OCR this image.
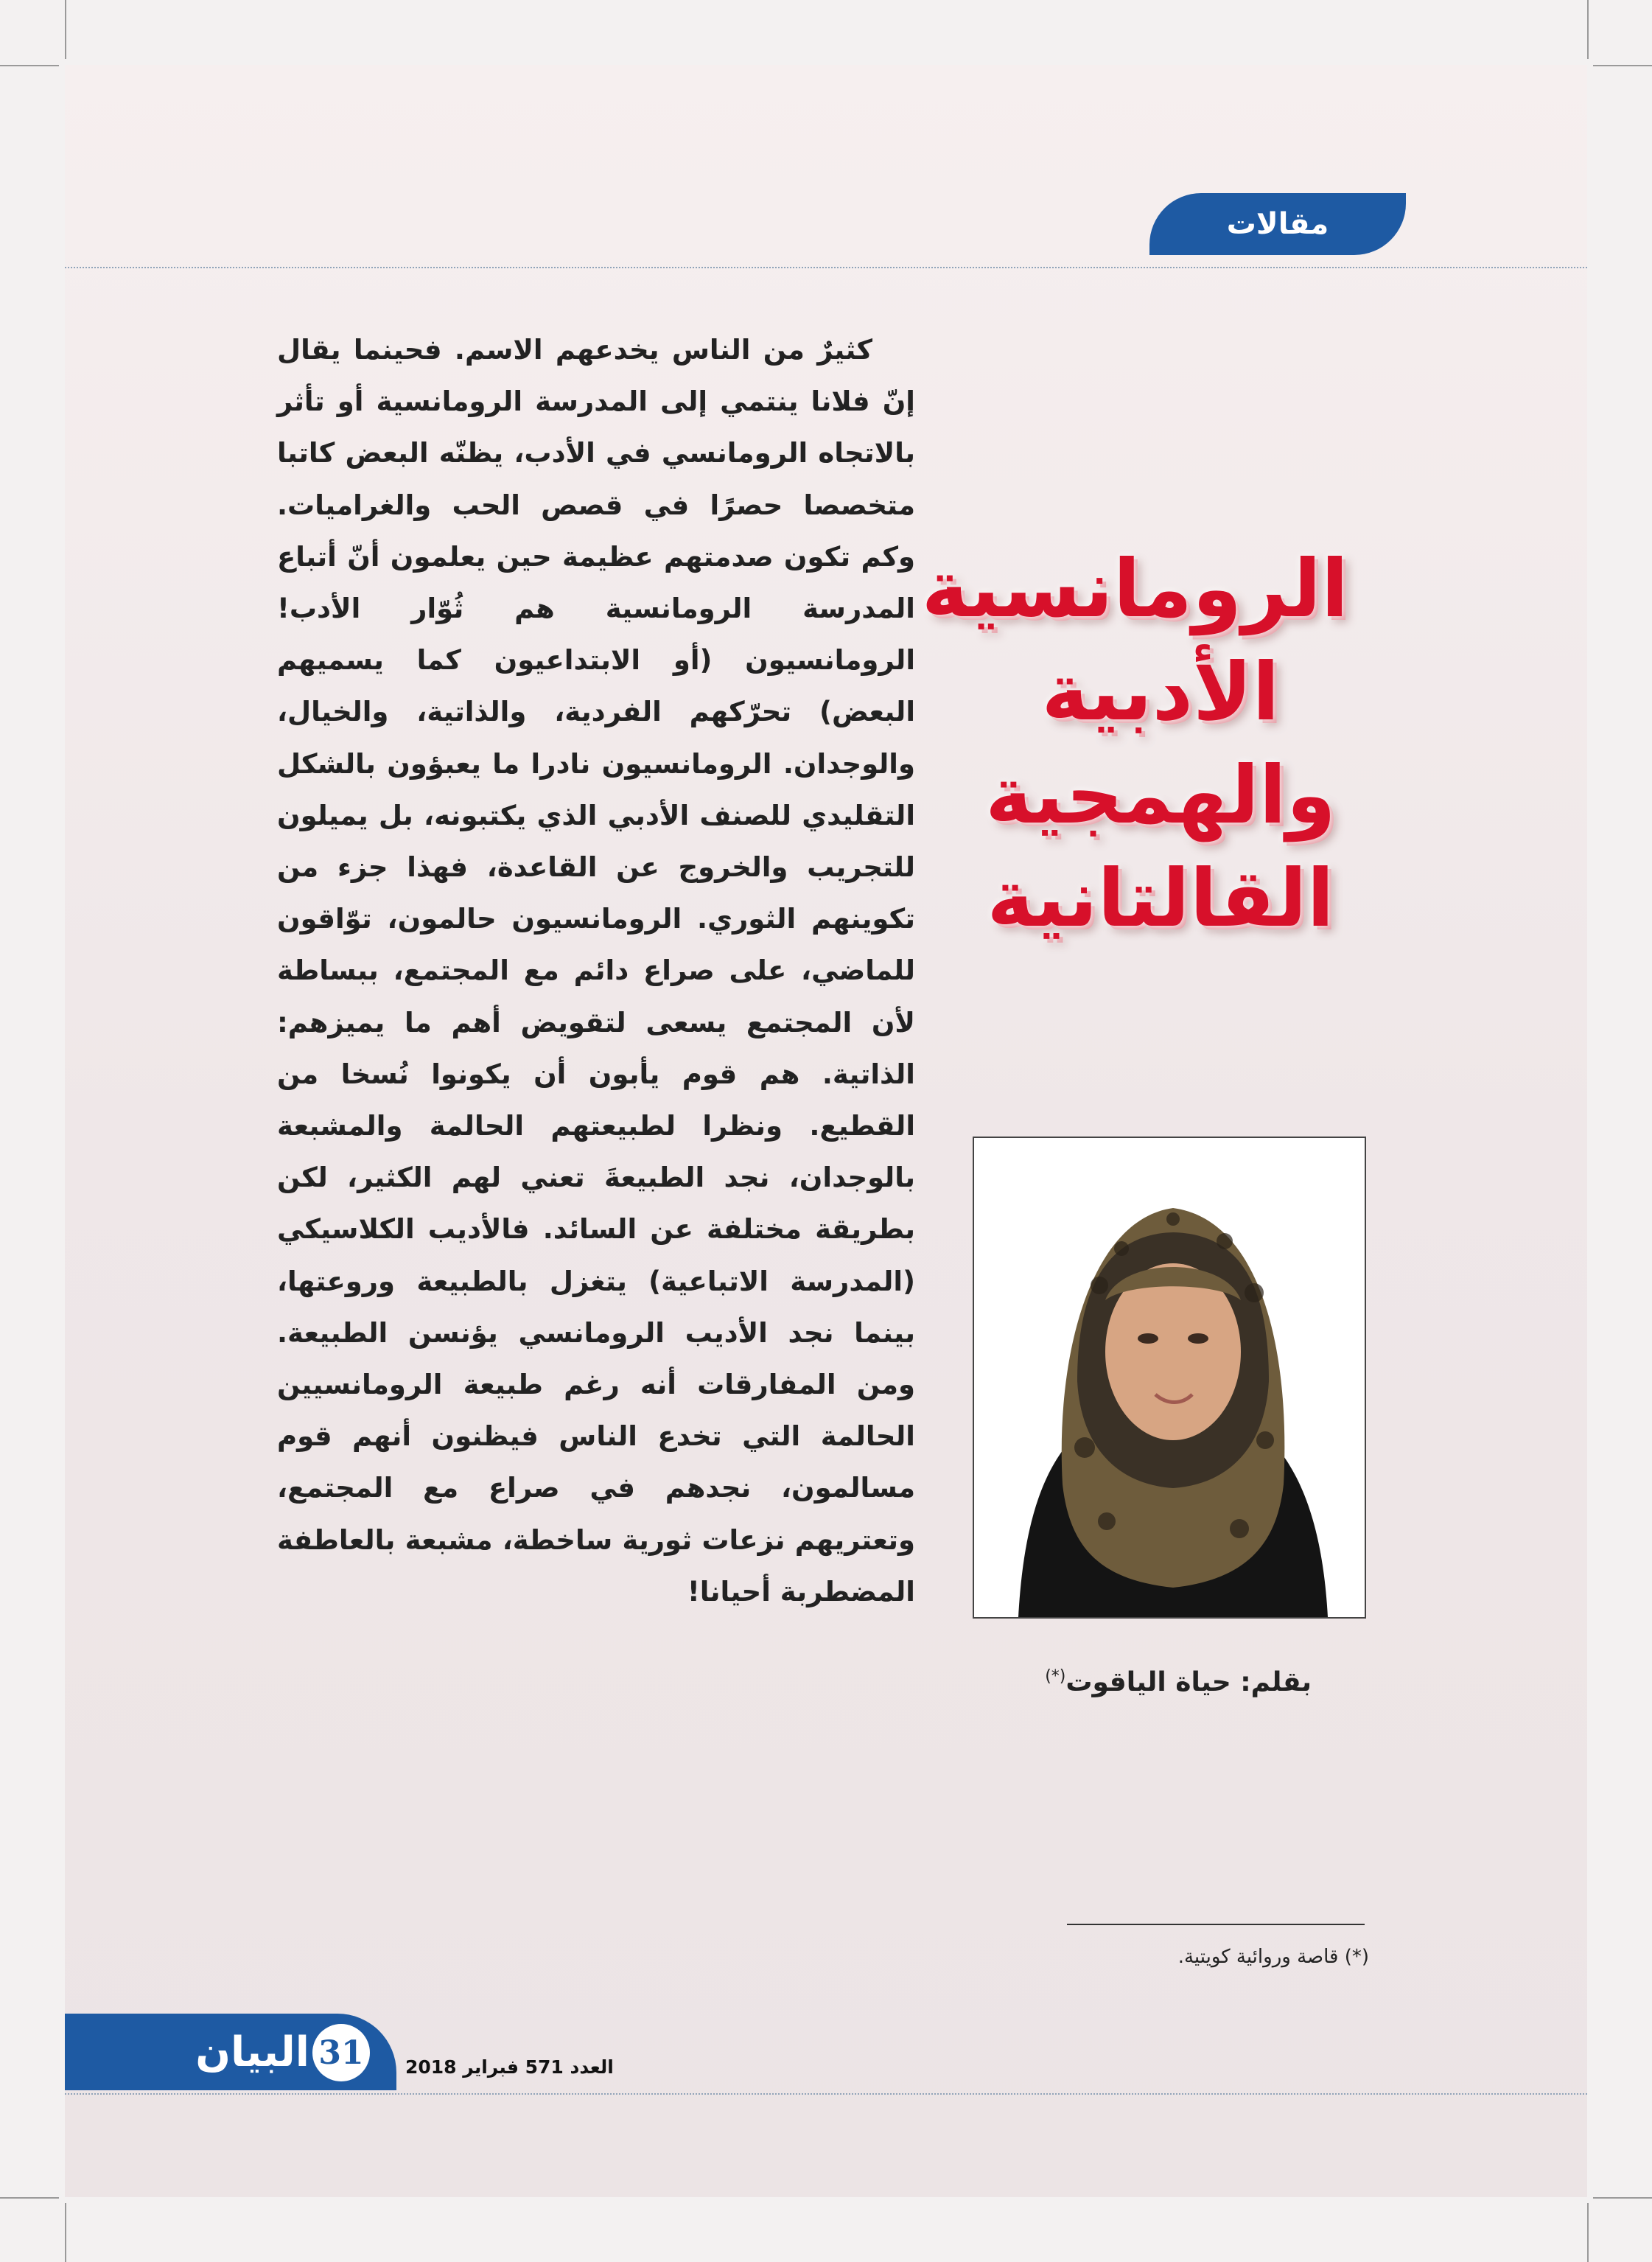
مقالات
كثيرٌ من الناس يخدعهم الاسم. فحينما يقال إنّ فلانا ينتمي إلى المدرسة الرومانسية أو تأثر بالاتجاه الرومانسي في الأدب، يظنّه البعض كاتبا متخصصا حصرًا في قصص الحب والغراميات. وكم تكون صدمتهم عظيمة حين يعلمون أنّ أتباع المدرسة الرومانسية هم ثُوّار الأدب! الرومانسيون (أو الابتداعيون كما يسميهم البعض) تحرّكهم الفردية، والذاتية، والخيال، والوجدان. الرومانسيون نادرا ما يعبؤون بالشكل التقليدي للصنف الأدبي الذي يكتبونه، بل يميلون للتجريب والخروج عن القاعدة، فهذا جزء من تكوينهم الثوري. الرومانسيون حالمون، توّاقون للماضي، على صراع دائم مع المجتمع، ببساطة لأن المجتمع يسعى لتقويض أهم ما يميزهم: الذاتية. هم قوم يأبون أن يكونوا نُسخا من القطيع. ونظرا لطبيعتهم الحالمة والمشبعة بالوجدان، نجد الطبيعةَ تعني لهم الكثير، لكن بطريقة مختلفة عن السائد. فالأديب الكلاسيكي (المدرسة الاتباعية) يتغزل بالطبيعة وروعتها، بينما نجد الأديب الرومانسي يؤنسن الطبيعة. ومن المفارقات أنه رغم طبيعة الرومانسيين الحالمة التي تخدع الناس فيظنون أنهم قوم مسالمون، نجدهم في صراع مع المجتمع، وتعتريهم نزعات ثورية ساخطة، مشبعة بالعاطفة المضطربة أحيانا!
الرومانسية
الأدبية
والهمجية
القالتانية
بقلم: حياة الياقوت(*)
(*) قاصة وروائية كويتية.
البيان 31	العدد 571 فبراير 2018
